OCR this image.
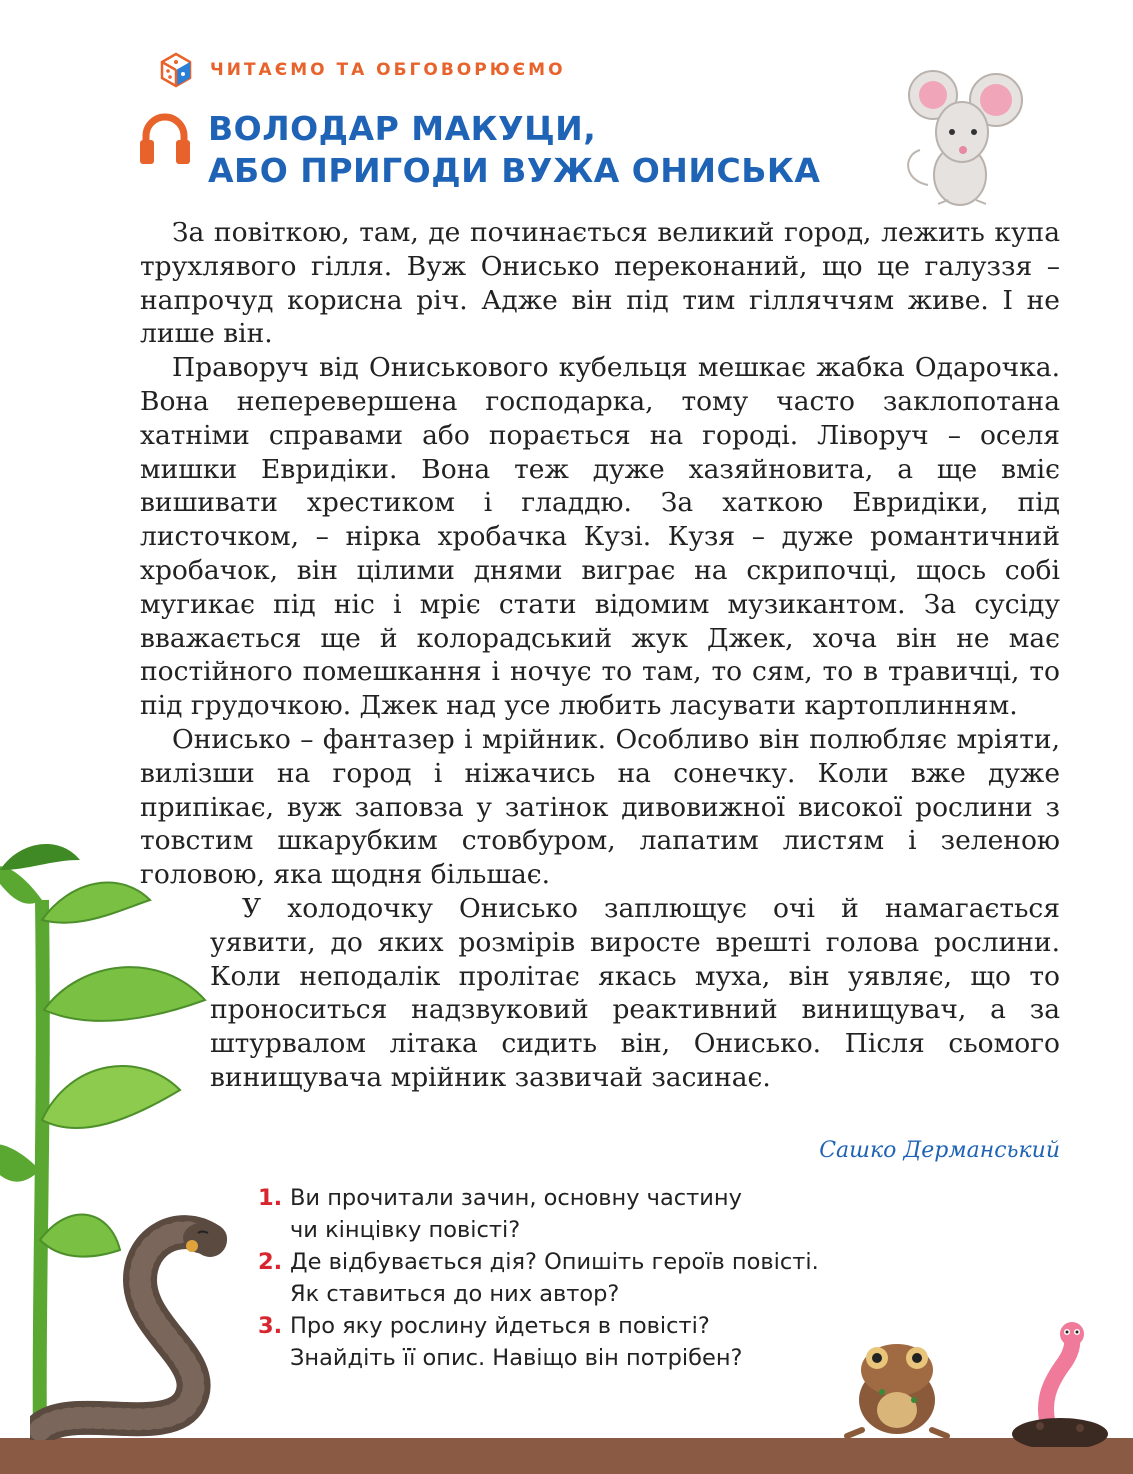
ЧИТАЄМО ТА ОБГОВОРЮЄМО
ВОЛОДАР МАКУЦИ,
АБО ПРИГОДИ ВУЖА ОНИСЬКА

За повіткою, там, де починається великий город, лежить купа трухлявого гілля. Вуж Онисько переконаний, що це галуззя – напрочуд корисна річ. Адже він під тим гілляччям живе. І не лише він.

Праворуч від Ониськового кубельця мешкає жабка Одарочка. Вона неперевершена господарка, тому часто заклопотана хатніми справами або порається на городі. Ліворуч – оселя мишки Евридіки. Вона теж дуже хазяйновита, а ще вміє вишивати хрестиком і гладдю. За хаткою Евридіки, під листочком, – нірка хробачка Кузі. Кузя – дуже романтичний хробачок, він цілими днями виграє на скрипочці, щось собі мугикає під ніс і мріє стати відомим музикантом. За сусіду вважається ще й колорадський жук Джек, хоча він не має постійного помешкання і ночує то там, то сям, то в травичці, то під грудочкою. Джек над усе любить ласувати картоплинням.

Онисько – фантазер і мрійник. Особливо він полюбляє мріяти, вилізши на город і ніжачись на сонечку. Коли вже дуже припікає, вуж заповза у затінок дивовижної високої рослини з товстим шкарубким стовбуром, лапатим листям і зеленою головою, яка щодня більшає.

У холодочку Онисько заплющує очі й намагається уявити, до яких розмірів виросте врешті голова рослини. Коли неподалік пролітає якась муха, він уявляє, що то проноситься надзвуковий реактивний винищувач, а за штурвалом літака сидить він, Онисько. Після сьомого винищувача мрійник зазвичай засинає.

Сашко Дерманський
1. Ви прочитали зачин, основну частину
чи кінцівку повісті?
2. Де відбувається дія? Опишіть героїв повісті.
Як ставиться до них автор?
3. Про яку рослину йдеться в повісті?
Знайдіть її опис. Навіщо він потрібен?
